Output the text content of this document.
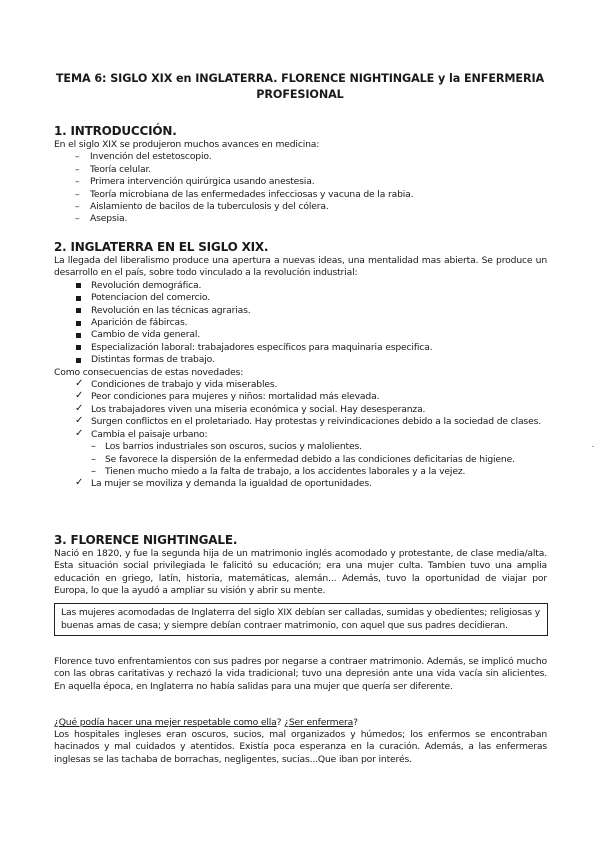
TEMA 6: SIGLO XIX en INGLATERRA. FLORENCE NIGHTINGALE y la ENFERMERIA PROFESIONAL
1. INTRODUCCIÓN.
En el siglo XIX se produjeron muchos avances en medicina:
– Invención del estetoscopio.
– Teoría celular.
– Primera intervención quirúrgica usando anestesia.
– Teoría microbiana de las enfermedades infecciosas y vacuna de la rabia.
– Aislamiento de bacilos de la tuberculosis y del cólera.
– Asepsia.
2. INGLATERRA EN EL SIGLO XIX.
La llegada del liberalismo produce una apertura a nuevas ideas, una mentalidad mas abierta. Se produce un desarrollo en el país, sobre todo vinculado a la revolución industrial:
Revolución demográfica.
Potenciacion del comercio.
Revolución en las técnicas agrarias.
Aparición de fábircas.
Cambio de vida general.
Especialización laboral: trabajadores específicos para maquinaria especifica.
Distintas formas de trabajo.
Como consecuencias de estas novedades:
✓ Condiciones de trabajo y vida miserables.
✓ Peor condiciones para mujeres y niños: mortalidad más elevada.
✓ Los trabajadores viven una miseria económica y social. Hay desesperanza.
✓ Surgen conflictos en el proletariado. Hay protestas y reivindicaciones debido a la sociedad de clases.
✓ Cambia el paisaje urbano:
– Los barrios industriales son oscuros, sucios y malolientes.
– Se favorece la dispersión de la enfermedad debido a las condiciones deficitarias de higiene.
– Tienen mucho miedo a la falta de trabajo, a los accidentes laborales y a la vejez.
✓ La mujer se moviliza y demanda la igualdad de oportunidades.
-
3. FLORENCE NIGHTINGALE.
Nació en 1820, y fue la segunda hija de un matrimonio inglés acomodado y protestante, de clase media/alta. Esta situación social privilegiada le falicitó su educación; era una mujer culta. Tambien tuvo una amplia educación en griego, latín, historia, matemáticas, alemán... Además, tuvo la oportunidad de viajar por Europa, lo que la ayudó a ampliar su visión y abrir su mente.
Las mujeres acomodadas de Inglaterra del siglo XIX debían ser calladas, sumidas y obedientes; religiosas y buenas amas de casa; y siempre debían contraer matrimonio, con aquel que sus padres decidieran.
Florence tuvo enfrentamientos con sus padres por negarse a contraer matrimonio. Además, se implicó mucho con las obras caritativas y rechazó la vida tradicional; tuvo una depresión ante una vida vacía sin alicientes. En aquella época, en Inglaterra no había salidas para una mujer que quería ser diferente.
¿Qué podía hacer una mejer respetable como ella? ¿Ser enfermera?
Los hospitales ingleses eran oscuros, sucios, mal organizados y húmedos; los enfermos se encontraban hacinados y mal cuidados y atentidos. Existía poca esperanza en la curación. Además, a las enfermeras inglesas se las tachaba de borrachas, negligentes, sucias...Que iban por interés.
